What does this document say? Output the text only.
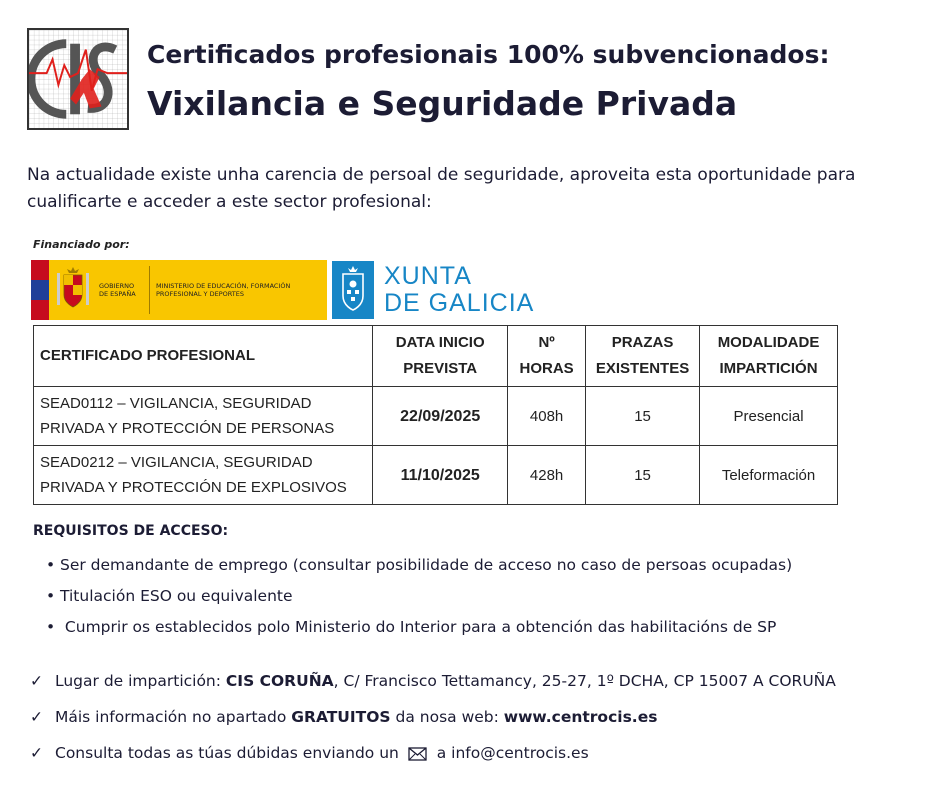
Certificados profesionais 100% subvencionados:
Vixilancia e Seguridade Privada
Na actualidade existe unha carencia de persoal de seguridade, aproveita esta oportunidade para cualificarte e acceder a este sector profesional:
Financiado por:
GOBIERNO DE ESPAÑA
MINISTERIO DE EDUCACIÓN, FORMACIÓN PROFESIONAL Y DEPORTES
XUNTA
DE GALICIA
CERTIFICADO PROFESIONAL	DATA INICIO PREVISTA	Nº HORAS	PRAZAS EXISTENTES	MODALIDADE IMPARTICIÓN
SEAD0112 – VIGILANCIA, SEGURIDAD PRIVADA Y PROTECCIÓN DE PERSONAS	22/09/2025	408h	15	Presencial
SEAD0212 – VIGILANCIA, SEGURIDAD PRIVADA Y PROTECCIÓN DE EXPLOSIVOS	11/10/2025	428h	15	Teleformación
REQUISITOS DE ACCESO:
• Ser demandante de emprego (consultar posibilidade de acceso no caso de persoas ocupadas)
• Titulación ESO ou equivalente
• Cumprir os establecidos polo Ministerio do Interior para a obtención das habilitacións de SP
✓ Lugar de impartición: CIS CORUÑA, C/ Francisco Tettamancy, 25-27, 1º DCHA, CP 15007 A CORUÑA
✓ Máis información no apartado GRATUITOS da nosa web: www.centrocis.es
✓ Consulta todas as túas dúbidas enviando un a info@centrocis.es
